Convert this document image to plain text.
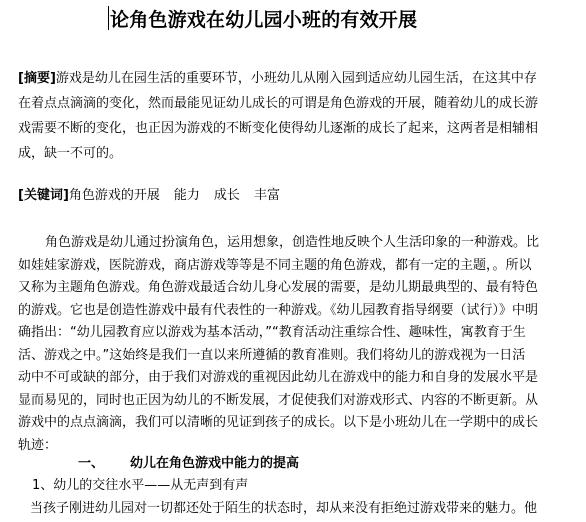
论角色游戏在幼儿园小班的有效开展
[摘要]游戏是幼儿在园生活的重要环节，小班幼儿从刚入园到适应幼儿园生活，在这其中存
在着点点滴滴的变化，然而最能见证幼儿成长的可谓是角色游戏的开展，随着幼儿的成长游
戏需要不断的变化，也正因为游戏的不断变化使得幼儿逐渐的成长了起来，这两者是相辅相
成，缺一不可的。
[关键词]角色游戏的开展 能力 成长 丰富
角色游戏是幼儿通过扮演角色，运用想象，创造性地反映个人生活印象的一种游戏。比
如娃娃家游戏，医院游戏，商店游戏等等是不同主题的角色游戏，都有一定的主题，。所以
又称为主题角色游戏。角色游戏最适合幼儿身心发展的需要，是幼儿期最典型的、最有特色
的游戏。它也是创造性游戏中最有代表性的一种游戏。《幼儿园教育指导纲要（试行）》中明
确指出：“幼儿园教育应以游戏为基本活动，”“教育活动注重综合性、趣味性，寓教育于生
活、游戏之中。”这始终是我们一直以来所遵循的教育准则。我们将幼儿的游戏视为一日活
动中不可或缺的部分，由于我们对游戏的重视因此幼儿在游戏中的能力和自身的发展水平是
显而易见的，同时也正因为幼儿的不断发展，才促使我们对游戏形式、内容的不断更新。从
游戏中的点点滴滴，我们可以清晰的见证到孩子的成长。以下是小班幼儿在一学期中的成长
轨迹：
一、 幼儿在角色游戏中能力的提高
1、幼儿的交往水平——从无声到有声
当孩子刚进幼儿园对一切都还处于陌生的状态时，却从来没有拒绝过游戏带来的魅力。他
